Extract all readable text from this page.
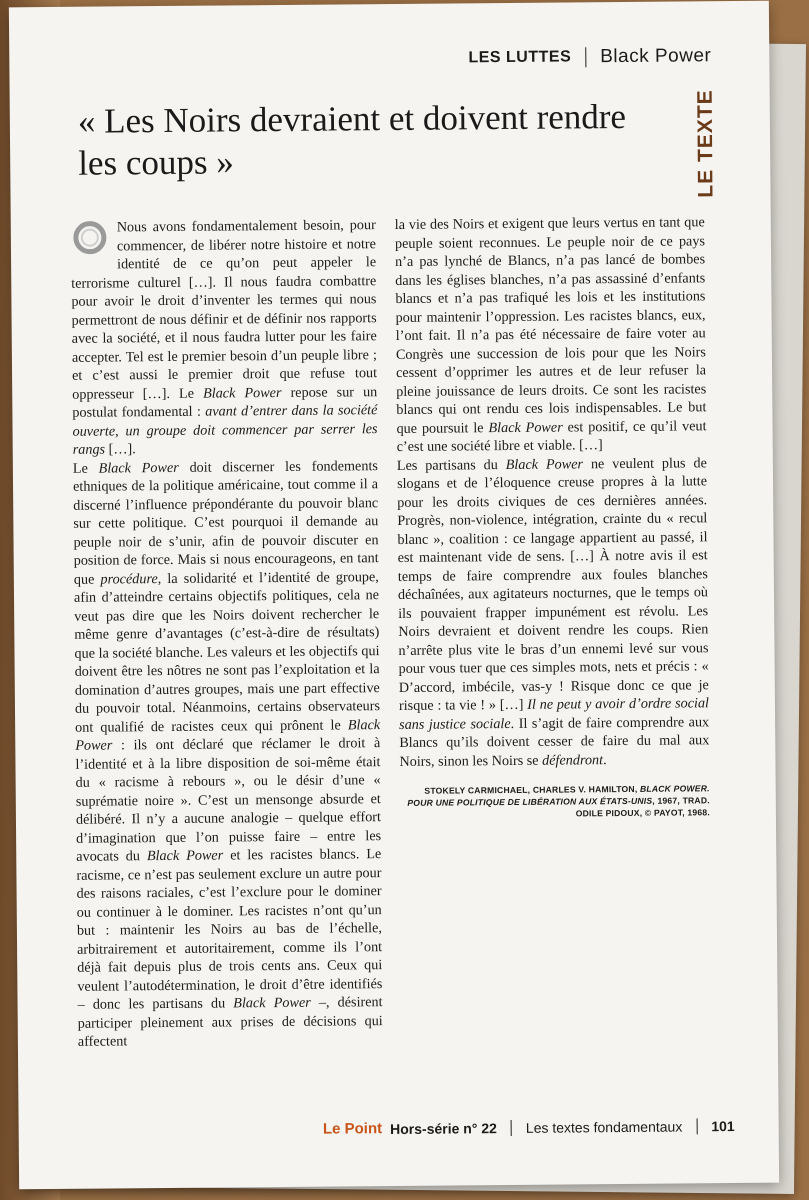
LES LUTTES Black Power
LE TEXTE
« Les Noirs devraient et doivent rendre les coups »

Nous avons fondamentalement besoin, pour commencer, de libérer notre histoire et notre identité de ce qu’on peut appeler le terrorisme culturel […]. Il nous faudra combattre pour avoir le droit d’inventer les termes qui nous permettront de nous définir et de définir nos rapports avec la société, et il nous faudra lutter pour les faire accepter. Tel est le premier besoin d’un peuple libre ; et c’est aussi le premier droit que refuse tout oppresseur […]. Le Black Power repose sur un postulat fondamental : avant d’entrer dans la société ouverte, un groupe doit commencer par serrer les rangs […].

Le Black Power doit discerner les fondements ethniques de la politique américaine, tout comme il a discerné l’influence prépondérante du pouvoir blanc sur cette politique. C’est pourquoi il demande au peuple noir de s’unir, afin de pouvoir discuter en position de force. Mais si nous encourageons, en tant que procédure, la solidarité et l’identité de groupe, afin d’atteindre certains objectifs politiques, cela ne veut pas dire que les Noirs doivent rechercher le même genre d’avantages (c’est-à-dire de résultats) que la société blanche. Les valeurs et les objectifs qui doivent être les nôtres ne sont pas l’exploitation et la domination d’autres groupes, mais une part effective du pouvoir total. Néanmoins, certains observateurs ont qualifié de racistes ceux qui prônent le Black Power : ils ont déclaré que réclamer le droit à l’identité et à la libre disposition de soi-même était du « racisme à rebours », ou le désir d’une « suprématie noire ». C’est un mensonge absurde et délibéré. Il n’y a aucune analogie – quelque effort d’imagination que l’on puisse faire – entre les avocats du Black Power et les racistes blancs. Le racisme, ce n’est pas seulement exclure un autre pour des raisons raciales, c’est l’exclure pour le dominer ou continuer à le dominer. Les racistes n’ont qu’un but : maintenir les Noirs au bas de l’échelle, arbitrairement et autoritairement, comme ils l’ont déjà fait depuis plus de trois cents ans. Ceux qui veulent l’autodétermination, le droit d’être identifiés – donc les partisans du Black Power –, désirent participer pleinement aux prises de décisions qui affectent

la vie des Noirs et exigent que leurs vertus en tant que peuple soient reconnues. Le peuple noir de ce pays n’a pas lynché de Blancs, n’a pas lancé de bombes dans les églises blanches, n’a pas assassiné d’enfants blancs et n’a pas trafiqué les lois et les institutions pour maintenir l’oppression. Les racistes blancs, eux, l’ont fait. Il n’a pas été nécessaire de faire voter au Congrès une succession de lois pour que les Noirs cessent d’opprimer les autres et de leur refuser la pleine jouissance de leurs droits. Ce sont les racistes blancs qui ont rendu ces lois indispensables. Le but que poursuit le Black Power est positif, ce qu’il veut c’est une société libre et viable. […]

Les partisans du Black Power ne veulent plus de slogans et de l’éloquence creuse propres à la lutte pour les droits civiques de ces dernières années. Progrès, non-violence, intégration, crainte du « recul blanc », coalition : ce langage appartient au passé, il est maintenant vide de sens. […] À notre avis il est temps de faire comprendre aux foules blanches déchaînées, aux agitateurs nocturnes, que le temps où ils pouvaient frapper impunément est révolu. Les Noirs devraient et doivent rendre les coups. Rien n’arrête plus vite le bras d’un ennemi levé sur vous pour vous tuer que ces simples mots, nets et précis : « D’accord, imbécile, vas-y ! Risque donc ce que je risque : ta vie ! » […] Il ne peut y avoir d’ordre social sans justice sociale. Il s’agit de faire comprendre aux Blancs qu’ils doivent cesser de faire du mal aux Noirs, sinon les Noirs se défendront.

STOKELY CARMICHAEL, CHARLES V. HAMILTON, BLACK POWER. POUR UNE POLITIQUE DE LIBÉRATION AUX ÉTATS-UNIS, 1967, TRAD. ODILE PIDOUX, © PAYOT, 1968.

Le Point Hors-série n° 22 Les textes fondamentaux 101
